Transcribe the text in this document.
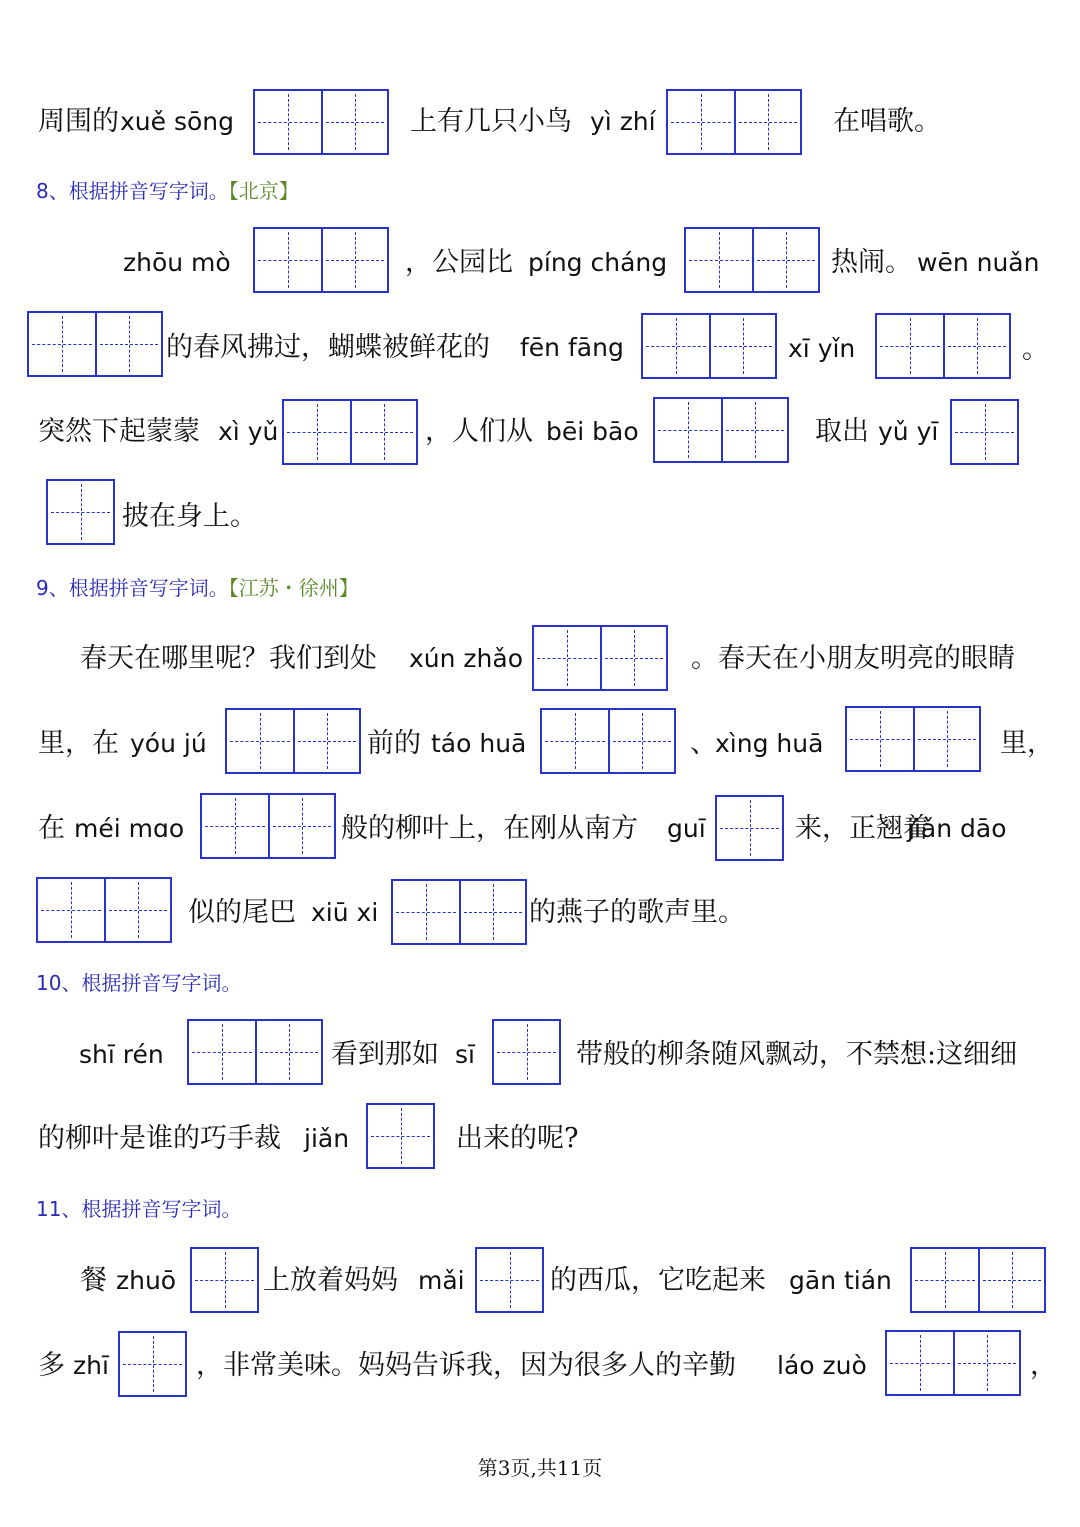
周围的 xuě sōng	上有几只小鸟 yì zhí	在唱歌。
8、根据拼音写字词。【北京】
zhōu mò	，公园比 píng cháng	热闹。 wēn nuǎn
的春风拂过，蝴蝶被鲜花的 fēn fāng	xī yǐn	。
突然下起蒙蒙 xì yǔ	，人们从 bēi bāo	取出 yǔ yī
披在身上。
9、根据拼音写字词。【江苏・徐州】
春天在哪里呢？我们到处 xún zhǎo	。春天在小朋友明亮的眼睛
里，在 yóu jú	前的 táo huā	、
xìng huā	里，
在 méi mɑo	般的柳叶上，在刚从南方 guī	来，正翘着
jiǎn dāo
似的尾巴 xiū xi	的燕子的歌声里。
10、根据拼音写字词。
shī rén	看到那如 sī	带般的柳条随风飘动，不禁想:这细细
的柳叶是谁的巧手裁 jiǎn	出来的呢?
11、根据拼音写字词。
餐 zhuō	上放着妈妈 mǎi	的西瓜，它吃起来 gān tián
多 zhī	，非常美味。妈妈告诉我，因为很多人的辛勤 láo zuò	，
第3页,共11页
